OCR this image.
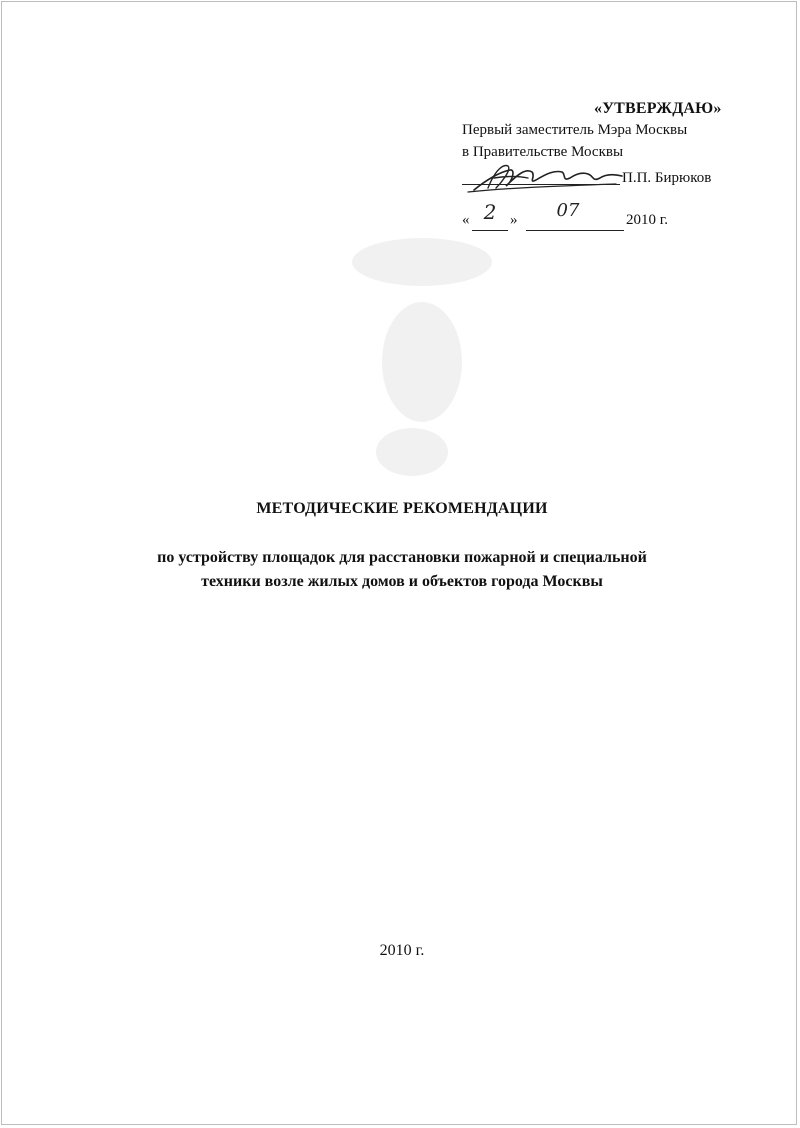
«УТВЕРЖДАЮ»
Первый заместитель Мэра Москвы
в Правительстве Москвы
П.П. Бирюков
« 2 »	07	2010 г.
МЕТОДИЧЕСКИЕ РЕКОМЕНДАЦИИ
по устройству площадок для расстановки пожарной и специальной
техники возле жилых домов и объектов города Москвы
2010 г.
